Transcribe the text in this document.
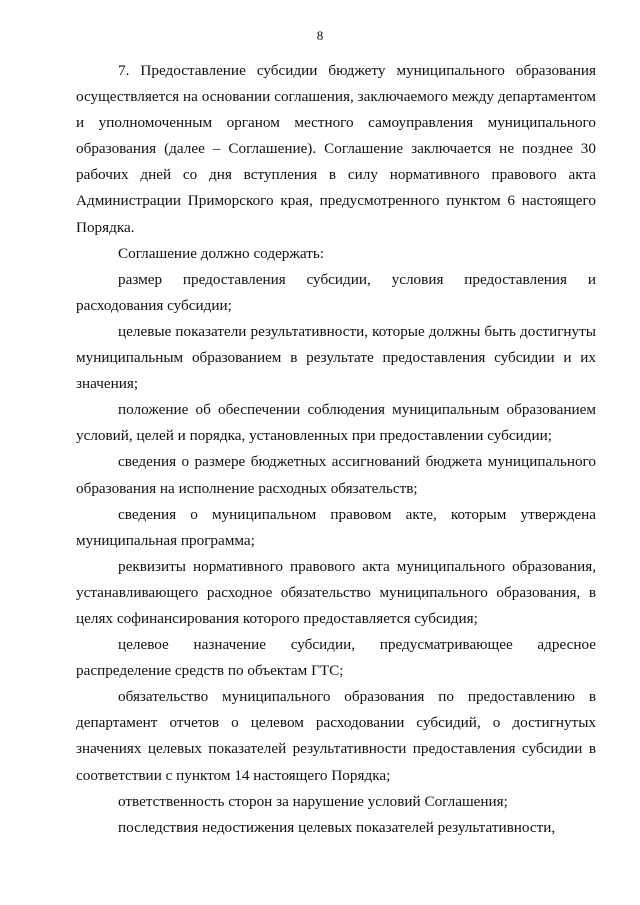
8

7. Предоставление субсидии бюджету муниципального образования осуществляется на основании соглашения, заключаемого между департаментом и уполномоченным органом местного самоуправления муниципального образования (далее – Соглашение). Соглашение заключается не позднее 30 рабочих дней со дня вступления в силу нормативного правового акта Администрации Приморского края, предусмотренного пунктом 6 настоящего Порядка.

Соглашение должно содержать:

размер предоставления субсидии, условия предоставления и расходования субсидии;

целевые показатели результативности, которые должны быть достигнуты муниципальным образованием в результате предоставления субсидии и их значения;

положение об обеспечении соблюдения муниципальным образованием условий, целей и порядка, установленных при предоставлении субсидии;

сведения о размере бюджетных ассигнований бюджета муниципального образования на исполнение расходных обязательств;

сведения о муниципальном правовом акте, которым утверждена муниципальная программа;

реквизиты нормативного правового акта муниципального образования, устанавливающего расходное обязательство муниципального образования, в целях софинансирования которого предоставляется субсидия;

целевое назначение субсидии, предусматривающее адресное распределение средств по объектам ГТС;

обязательство муниципального образования по предоставлению в департамент отчетов о целевом расходовании субсидий, о достигнутых значениях целевых показателей результативности предоставления субсидии в соответствии с пунктом 14 настоящего Порядка;

ответственность сторон за нарушение условий Соглашения;

последствия недостижения целевых показателей результативности,
